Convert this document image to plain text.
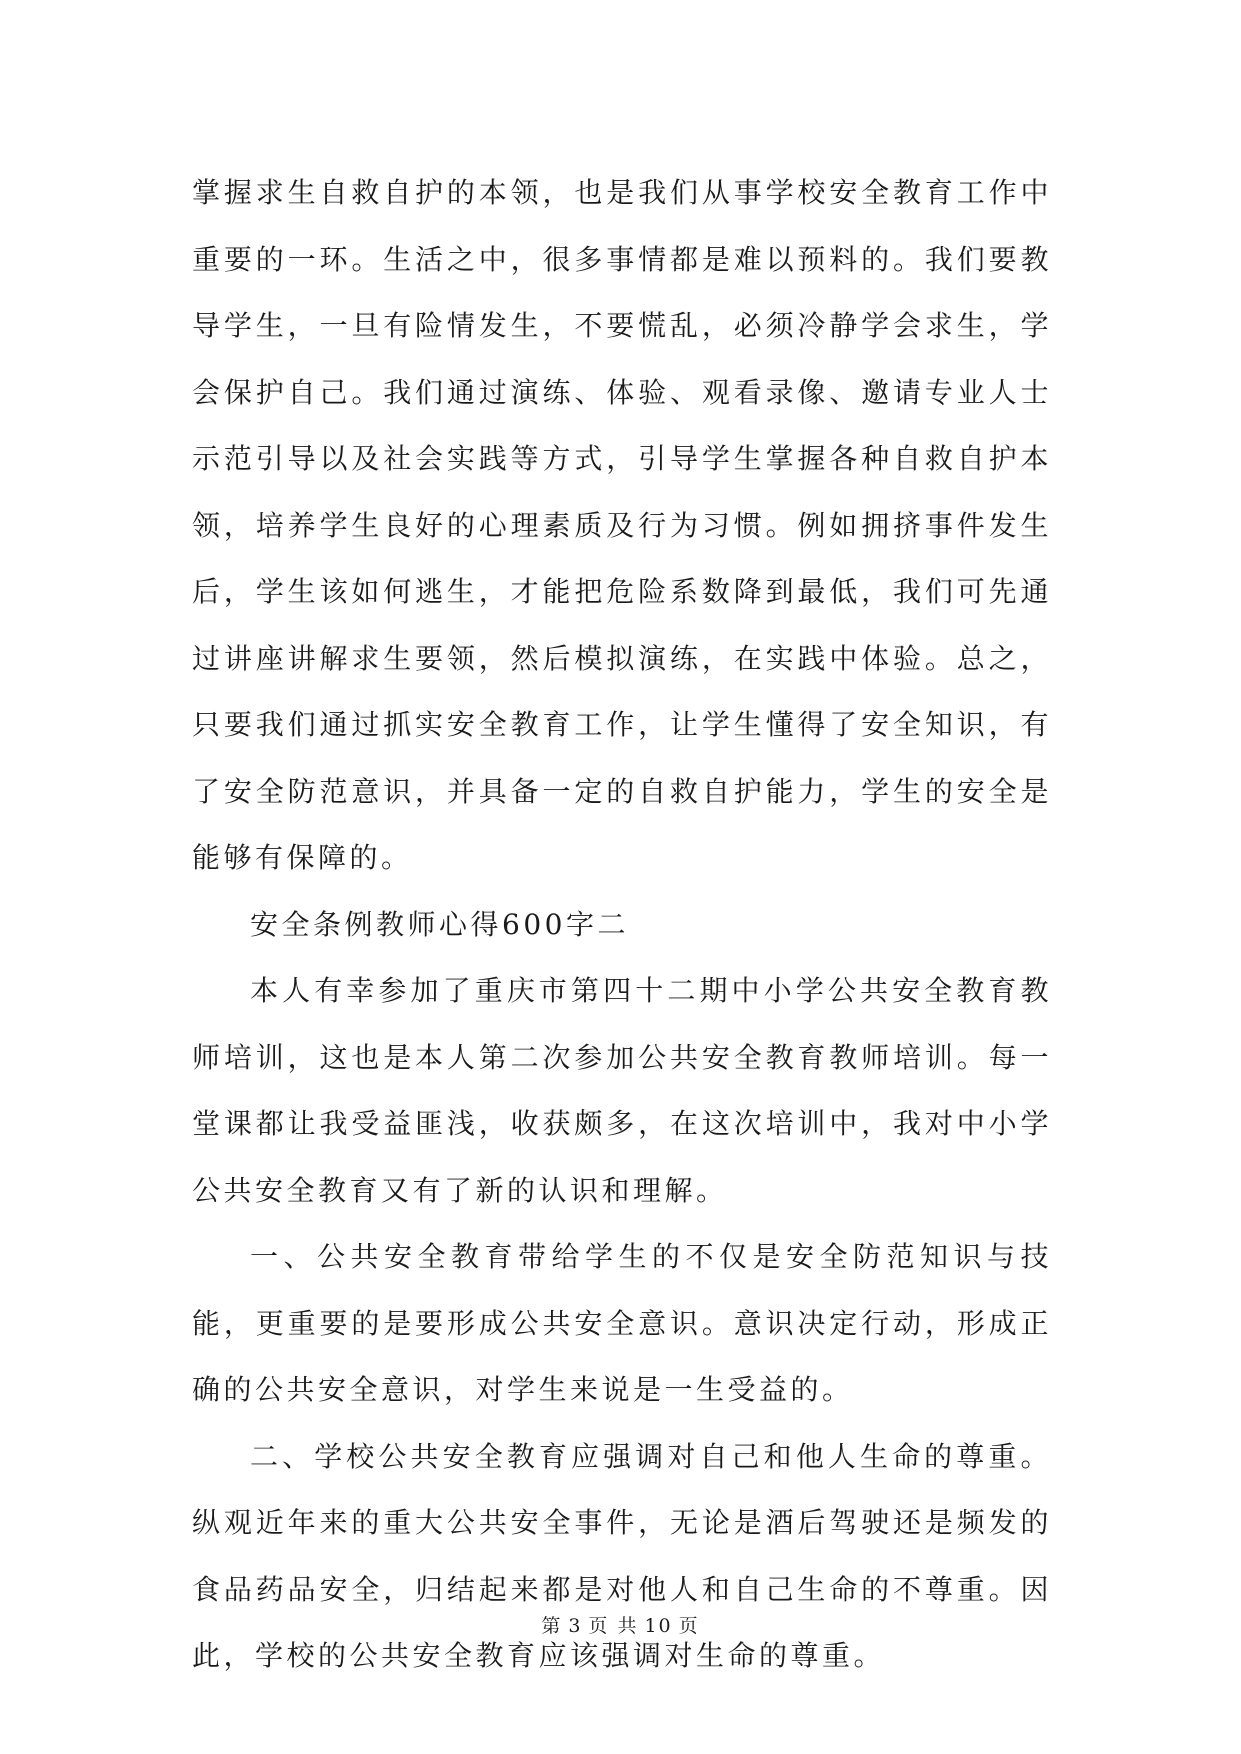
掌握求生自救自护的本领，也是我们从事学校安全教育工作中重要的一环。生活之中，很多事情都是难以预料的。我们要教导学生，一旦有险情发生，不要慌乱，必须冷静学会求生，学会保护自己。我们通过演练、体验、观看录像、邀请专业人士示范引导以及社会实践等方式，引导学生掌握各种自救自护本领，培养学生良好的心理素质及行为习惯。例如拥挤事件发生后，学生该如何逃生，才能把危险系数降到最低，我们可先通过讲座讲解求生要领，然后模拟演练，在实践中体验。总之，只要我们通过抓实安全教育工作，让学生懂得了安全知识，有了安全防范意识，并具备一定的自救自护能力，学生的安全是能够有保障的。

安全条例教师心得600字二

本人有幸参加了重庆市第四十二期中小学公共安全教育教师培训，这也是本人第二次参加公共安全教育教师培训。每一堂课都让我受益匪浅，收获颇多，在这次培训中，我对中小学公共安全教育又有了新的认识和理解。

一、公共安全教育带给学生的不仅是安全防范知识与技能，更重要的是要形成公共安全意识。意识决定行动，形成正确的公共安全意识，对学生来说是一生受益的。

二、学校公共安全教育应强调对自己和他人生命的尊重。纵观近年来的重大公共安全事件，无论是酒后驾驶还是频发的食品药品安全，归结起来都是对他人和自己生命的不尊重。因此，学校的公共安全教育应该强调对生命的尊重。

第 3 页 共 10 页
